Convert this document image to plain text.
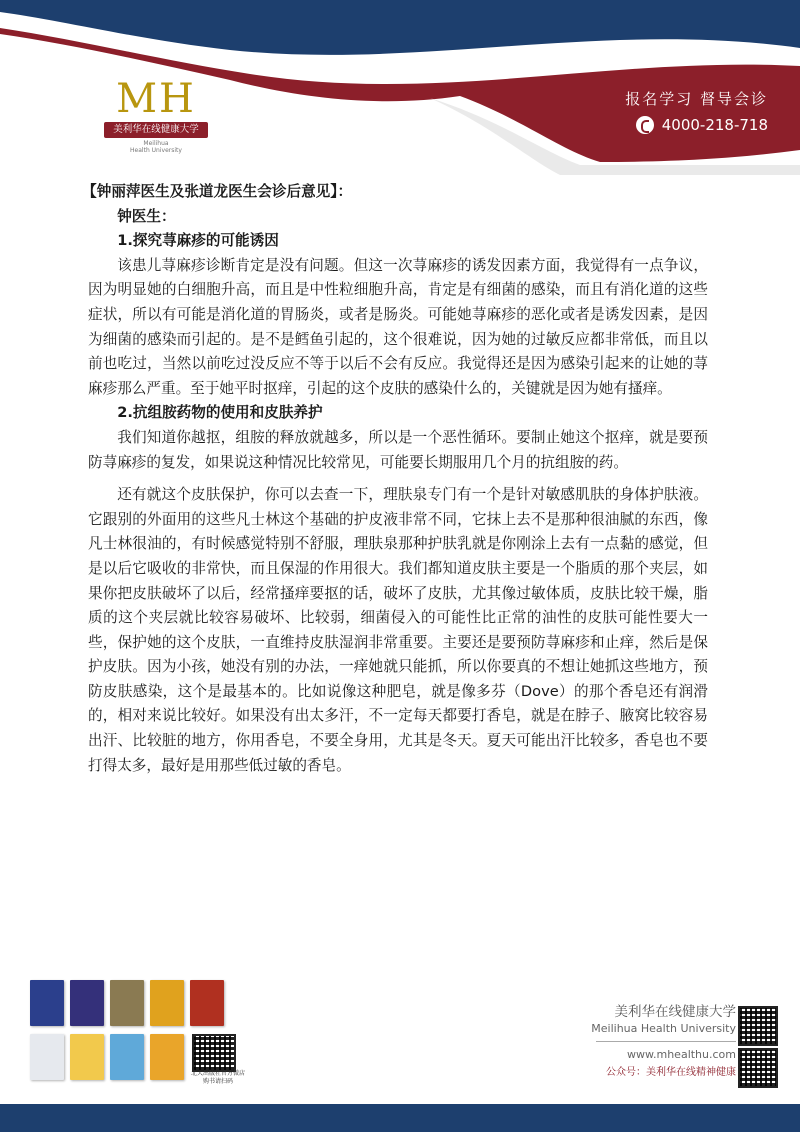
MH
美利华在线健康大学
Meilihua
Health University
报名学习 督导会诊
4000-218-718

【钟丽萍医生及张道龙医生会诊后意见】：

钟医生：

1.探究荨麻疹的可能诱因

该患儿荨麻疹诊断肯定是没有问题。但这一次荨麻疹的诱发因素方面，我觉得有一点争议，因为明显她的白细胞升高，而且是中性粒细胞升高，肯定是有细菌的感染，而且有消化道的这些症状，所以有可能是消化道的胃肠炎，或者是肠炎。可能她荨麻疹的恶化或者是诱发因素，是因为细菌的感染而引起的。是不是鳕鱼引起的，这个很难说，因为她的过敏反应都非常低，而且以前也吃过，当然以前吃过没反应不等于以后不会有反应。我觉得还是因为感染引起来的让她的荨麻疹那么严重。至于她平时抠痒，引起的这个皮肤的感染什么的，关键就是因为她有搔痒。

2.抗组胺药物的使用和皮肤养护

我们知道你越抠，组胺的释放就越多，所以是一个恶性循环。要制止她这个抠痒，就是要预防荨麻疹的复发，如果说这种情况比较常见，可能要长期服用几个月的抗组胺的药。

还有就这个皮肤保护，你可以去查一下，理肤泉专门有一个是针对敏感肌肤的身体护肤液。它跟别的外面用的这些凡士林这个基础的护皮液非常不同，它抹上去不是那种很油腻的东西，像凡士林很油的，有时候感觉特别不舒服，理肤泉那种护肤乳就是你刚涂上去有一点黏的感觉，但是以后它吸收的非常快，而且保湿的作用很大。我们都知道皮肤主要是一个脂质的那个夹层，如果你把皮肤破坏了以后，经常搔痒要抠的话，破坏了皮肤，尤其像过敏体质，皮肤比较干燥，脂质的这个夹层就比较容易破坏、比较弱，细菌侵入的可能性比正常的油性的皮肤可能性要大一些，保护她的这个皮肤，一直维持皮肤湿润非常重要。主要还是要预防荨麻疹和止痒，然后是保护皮肤。因为小孩，她没有别的办法，一痒她就只能抓，所以你要真的不想让她抓这些地方，预防皮肤感染，这个是最基本的。比如说像这种肥皂，就是像多芬（Dove）的那个香皂还有润滑的，相对来说比较好。如果没有出太多汗，不一定每天都要打香皂，就是在脖子、腋窝比较容易出汗、比较脏的地方，你用香皂，不要全身用，尤其是冬天。夏天可能出汗比较多，香皂也不要打得太多，最好是用那些低过敏的香皂。

北大出版社官方微店
购书请扫码
美利华在线健康大学
Meilihua Health University
www.mhealthu.com
公众号：美利华在线精神健康
